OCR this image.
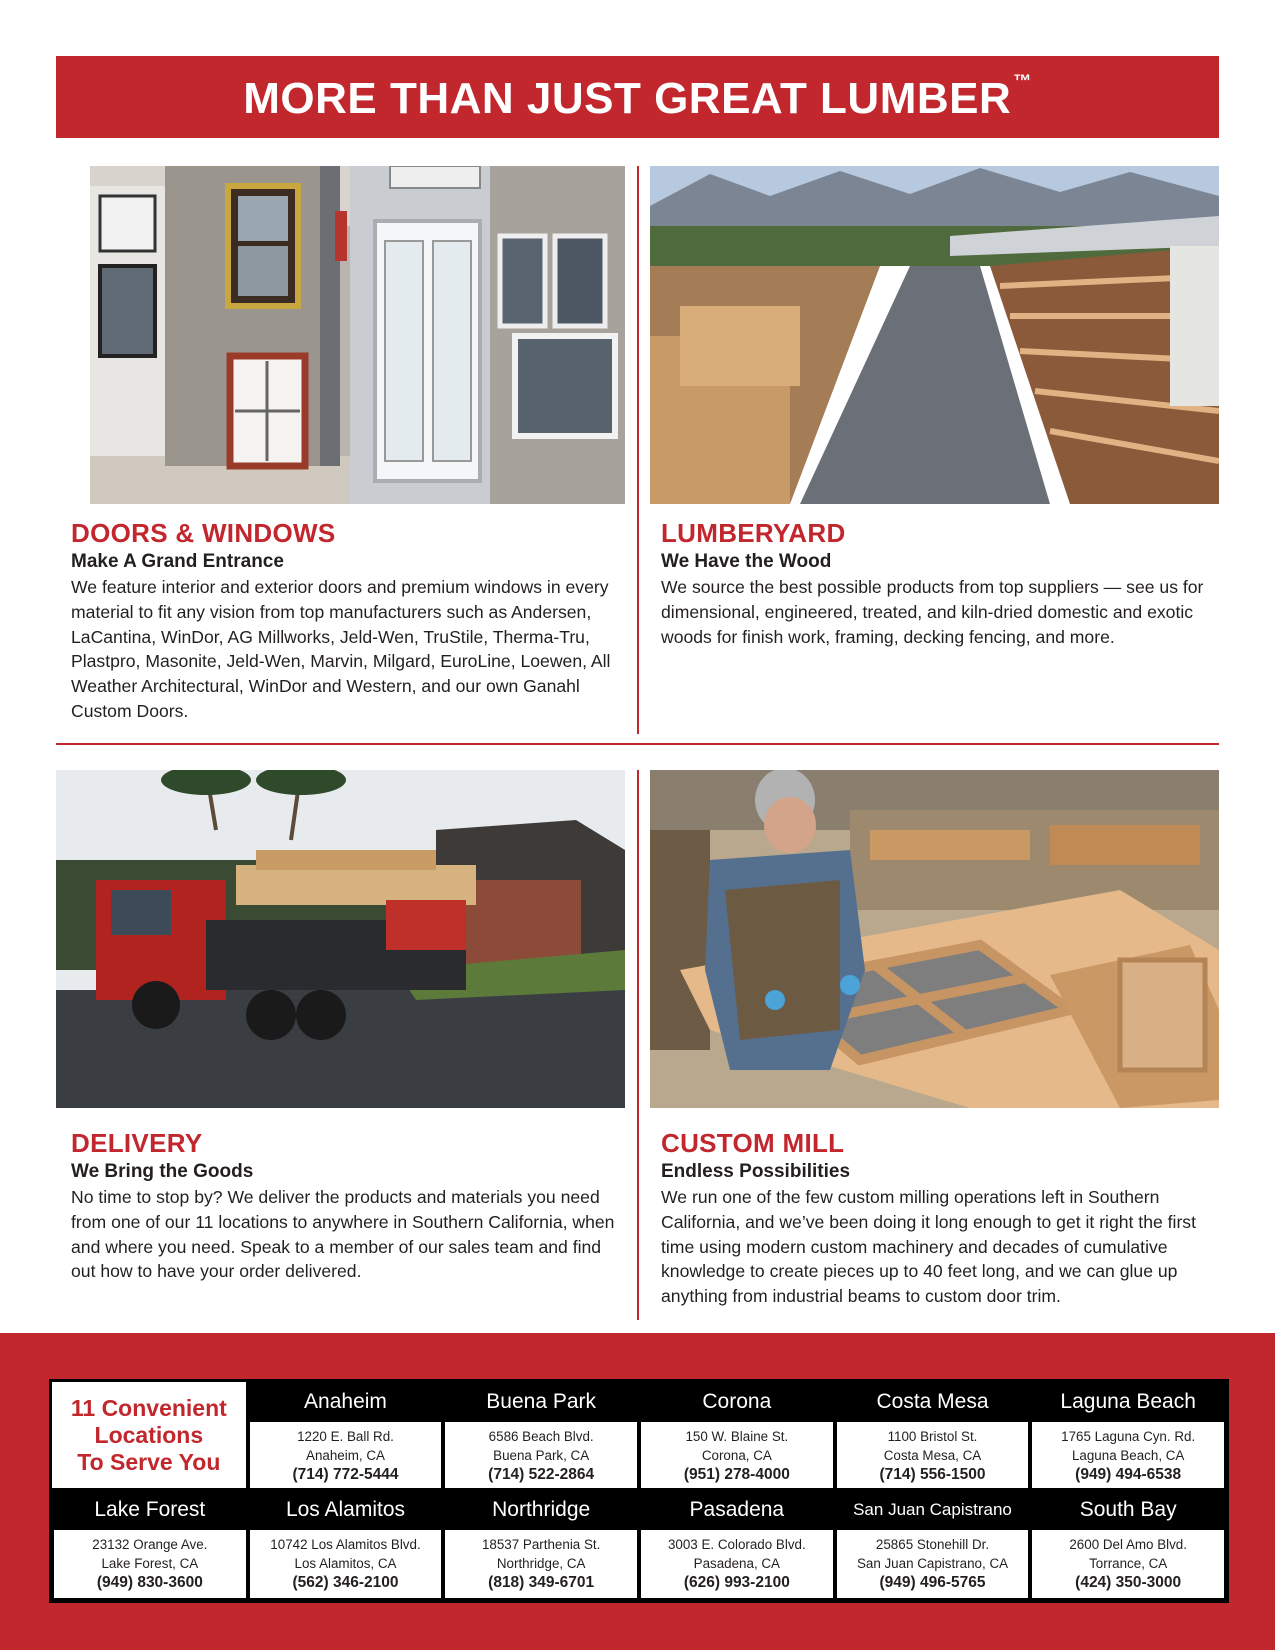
MORE THAN JUST GREAT LUMBER ™
DOORS & WINDOWS
Make A Grand Entrance
We feature interior and exterior doors and premium windows in every material to fit any vision from top manufacturers such as Andersen, LaCantina, WinDor, AG Millworks, Jeld-Wen, TruStile, Therma-Tru, Plastpro, Masonite, Jeld-Wen, Marvin, Milgard, EuroLine, Loewen, All Weather Architectural, WinDor and Western, and our own Ganahl Custom Doors.
LUMBERYARD
We Have the Wood
We source the best possible products from top suppliers — see us for dimensional, engineered, treated, and kiln-dried domestic and exotic woods for finish work, framing, decking fencing, and more.
DELIVERY
We Bring the Goods
No time to stop by? We deliver the products and materials you need from one of our 11 locations to anywhere in Southern California, when and where you need. Speak to a member of our sales team and find out how to have your order delivered.
CUSTOM MILL
Endless Possibilities
We run one of the few custom milling operations left in Southern California, and we’ve been doing it long enough to get it right the first time using modern custom machinery and decades of cumulative knowledge to create pieces up to 40 feet long, and we can glue up anything from industrial beams to custom door trim.
11 Convenient
Locations
To Serve You
Anaheim
1220 E. Ball Rd.
Anaheim, CA
(714) 772-5444
Buena Park
6586 Beach Blvd.
Buena Park, CA
(714) 522-2864
Corona
150 W. Blaine St.
Corona, CA
(951) 278-4000
Costa Mesa
1100 Bristol St.
Costa Mesa, CA
(714) 556-1500
Laguna Beach
1765 Laguna Cyn. Rd.
Laguna Beach, CA
(949) 494-6538
Lake Forest
23132 Orange Ave.
Lake Forest, CA
(949) 830-3600
Los Alamitos
10742 Los Alamitos Blvd.
Los Alamitos, CA
(562) 346-2100
Northridge
18537 Parthenia St.
Northridge, CA
(818) 349-6701
Pasadena
3003 E. Colorado Blvd.
Pasadena, CA
(626) 993-2100
San Juan Capistrano
25865 Stonehill Dr.
San Juan Capistrano, CA
(949) 496-5765
South Bay
2600 Del Amo Blvd.
Torrance, CA
(424) 350-3000
